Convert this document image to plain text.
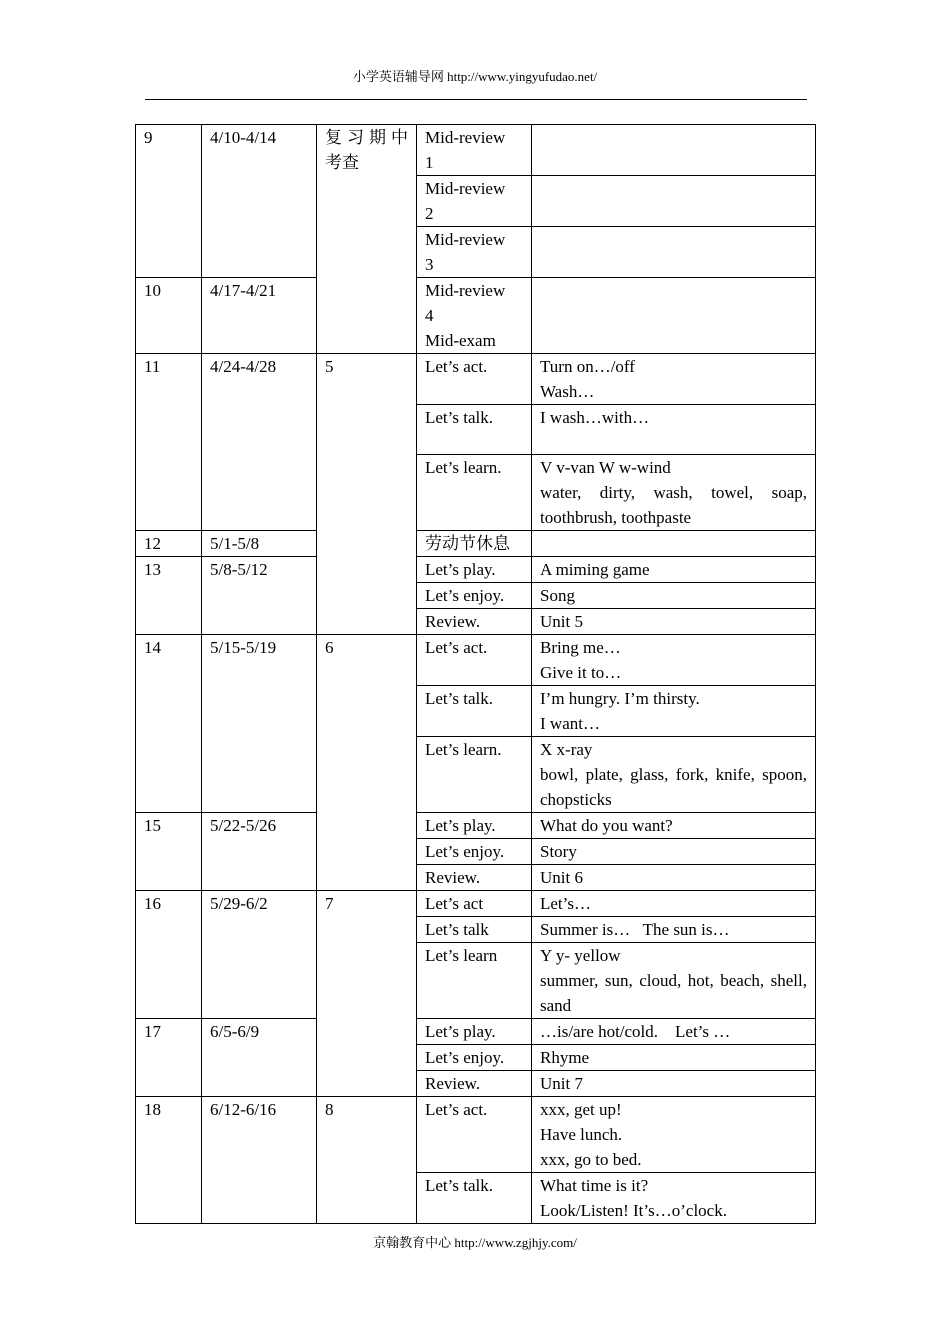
小学英语辅导网 http://www.yingyufudao.net/
9	4/10-4/14	复习期中考查	Mid-review
1	

			Mid-review
2	

			Mid-review
3	

10	4/17-4/21		Mid-review
4
Mid-exam	

11	4/24-4/28	5	Let’s act.	Turn on…/off
Wash…

			Let’s talk.	I wash…with…

			Let’s learn.	V v-van W w-wind
water, dirty, wash, towel, soap, toothbrush, toothpaste

12	5/1-5/8		劳动节休息	
13	5/8-5/12		Let’s play.	A miming game
			Let’s enjoy.	Song
			Review.	Unit 5
14	5/15-5/19	6	Let’s act.	Bring me…
Give it to…

			Let’s talk.	I’m hungry. I’m thirsty.
I want…

			Let’s learn.	X x-ray
bowl, plate, glass, fork, knife, spoon, chopsticks

15	5/22-5/26		Let’s play.	What do you want?
			Let’s enjoy.	Story
			Review.	Unit 6
16	5/29-6/2	7	Let’s act	Let’s…
			Let’s talk	Summer is…   The sun is…
			Let’s learn	Y y- yellow
summer, sun, cloud, hot, beach, shell, sand

17	6/5-6/9		Let’s play.	…is/are hot/cold.    Let’s …
			Let’s enjoy.	Rhyme
			Review.	Unit 7
18	6/12-6/16	8	Let’s act.	xxx, get up!
Have lunch.
xxx, go to bed.

			Let’s talk.	What time is it?
Look/Listen! It’s…o’clock.
京翰教育中心 http://www.zgjhjy.com/
